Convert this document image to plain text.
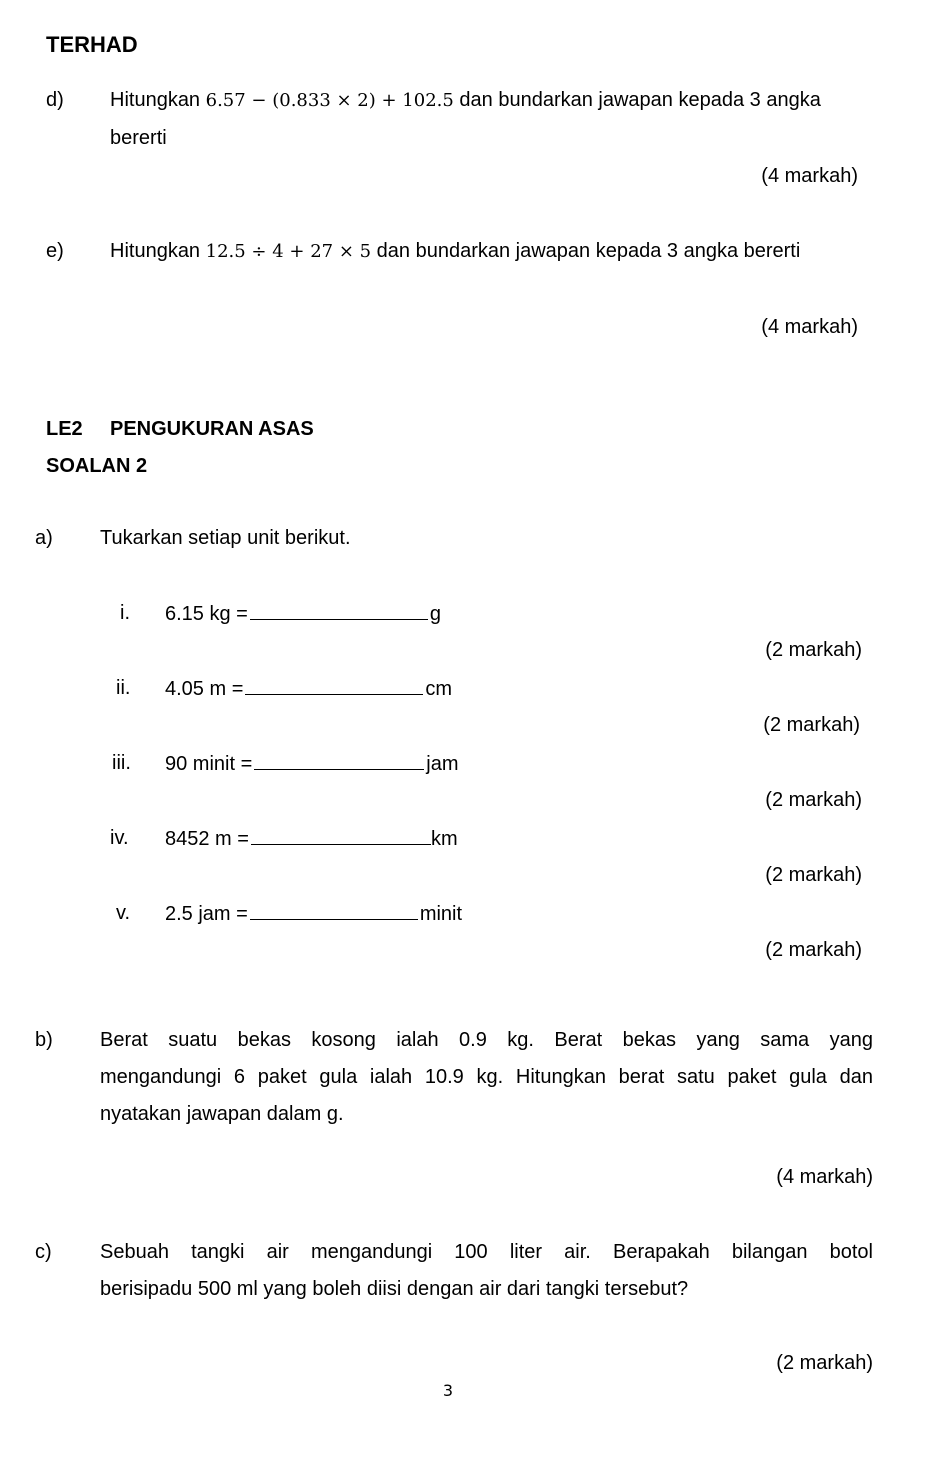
TERHAD
d) Hitungkan 6.57 − (0.833 × 2) + 102.5 dan bundarkan jawapan kepada 3 angka
bererti
(4 markah)
e) Hitungkan 12.5 ÷ 4 + 27 × 5 dan bundarkan jawapan kepada 3 angka bererti
(4 markah)
LE2 PENGUKURAN ASAS
SOALAN 2
a) Tukarkan setiap unit berikut.
i. 6.15 kg =	g
(2 markah)
ii. 4.05 m =	cm
(2 markah)
iii. 90 minit =	jam
(2 markah)
iv. 8452 m =	km
(2 markah)
v. 2.5 jam =	minit
(2 markah)
b) Berat suatu bekas kosong ialah 0.9 kg. Berat bekas yang sama yang
mengandungi 6 paket gula ialah 10.9 kg. Hitungkan berat satu paket gula dan
nyatakan jawapan dalam g.
(4 markah)
c) Sebuah tangki air mengandungi 100 liter air. Berapakah bilangan botol
berisipadu 500 ml yang boleh diisi dengan air dari tangki tersebut?
(2 markah)
3
